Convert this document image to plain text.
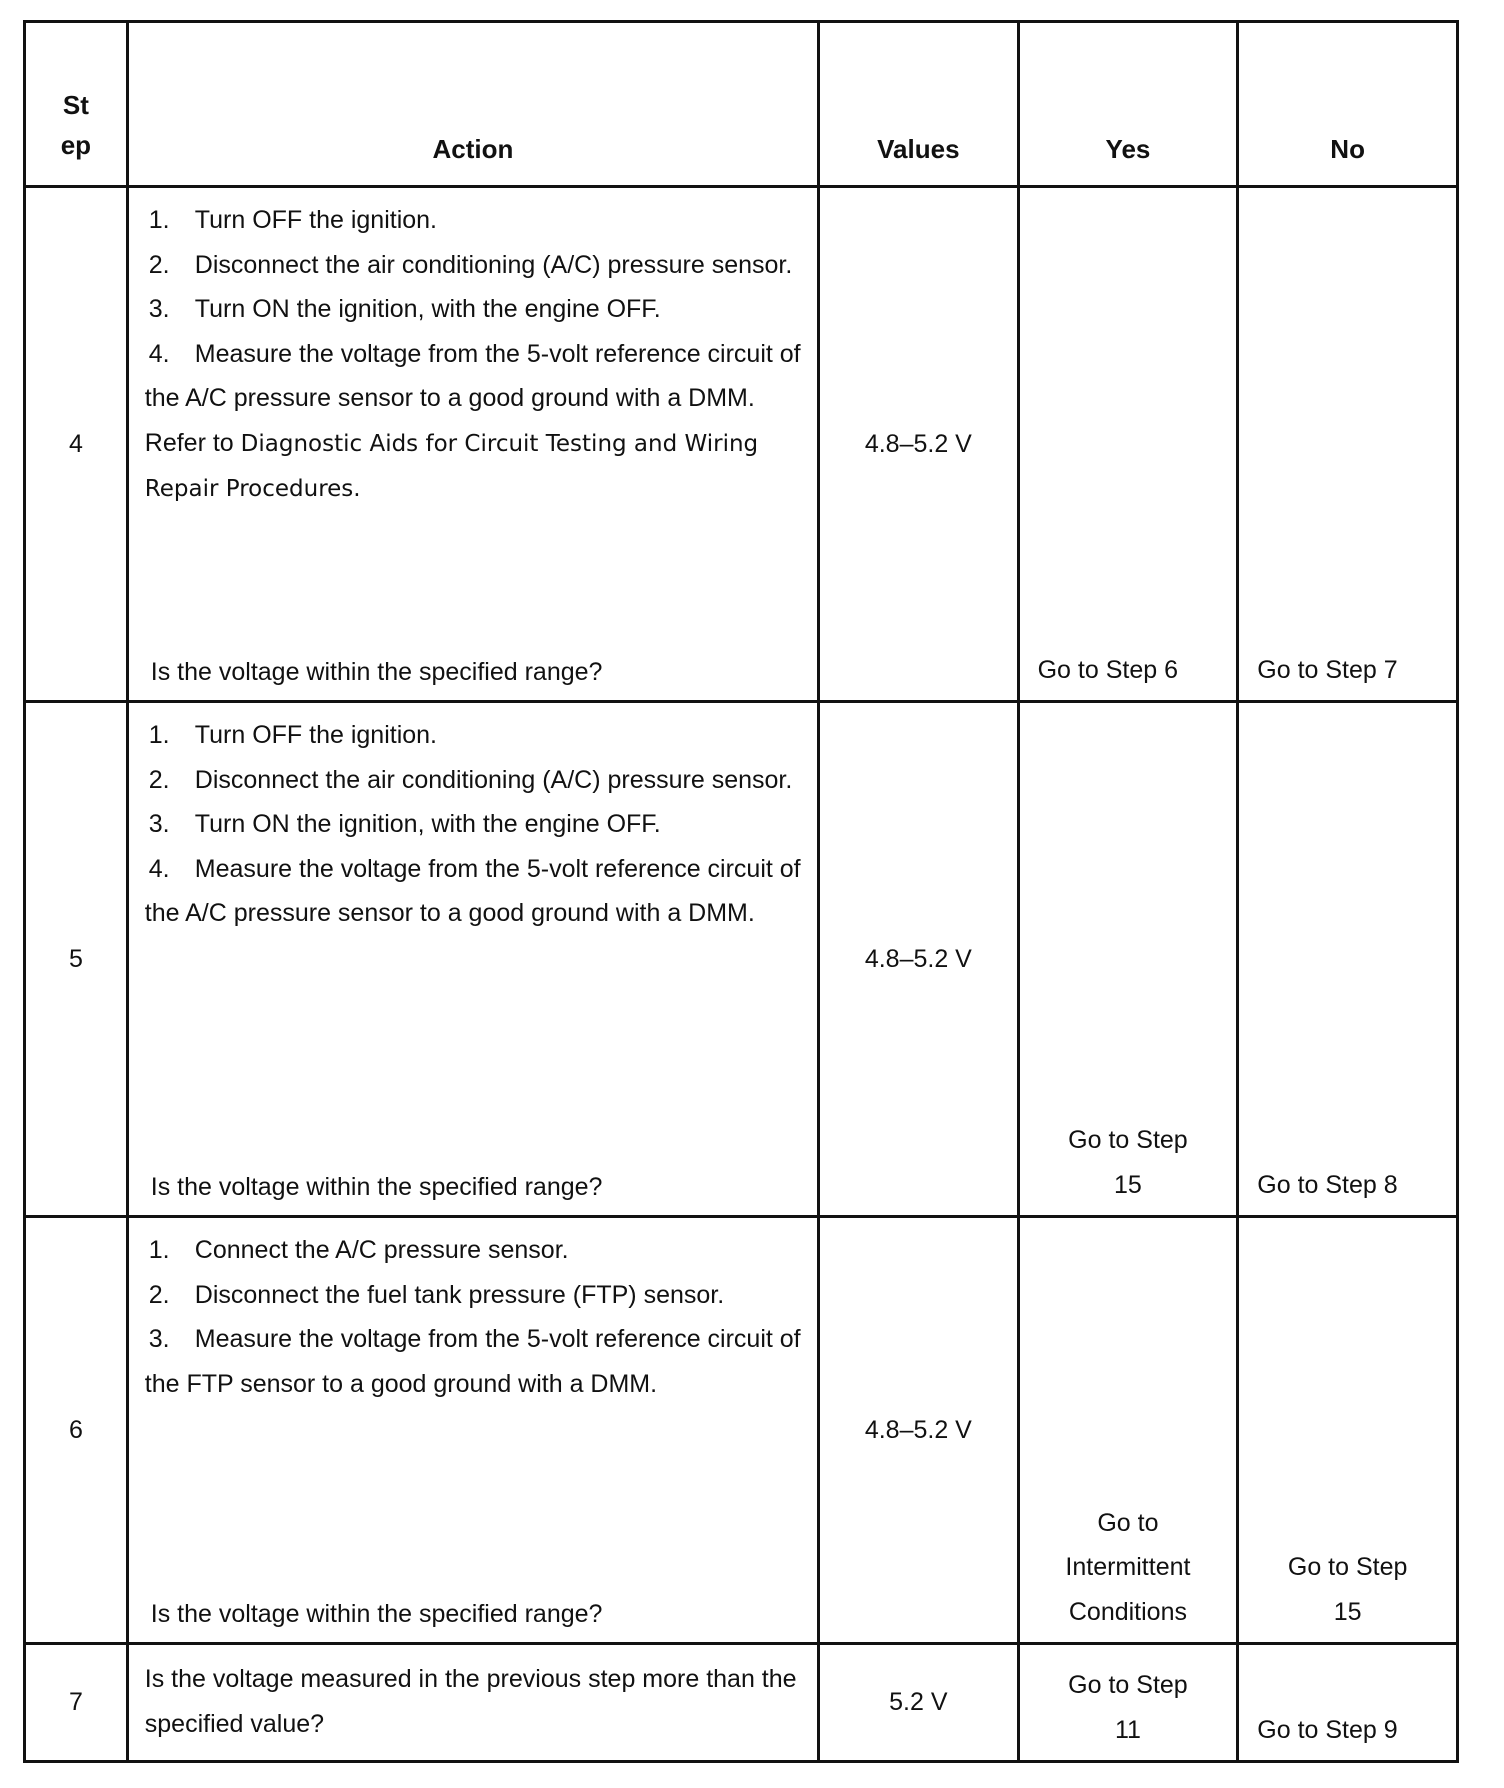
St ep	Action	Values	Yes	No
4	1. Turn OFF the ignition.
2. Disconnect the air conditioning (A/C) pressure sensor.
3. Turn ON the ignition, with the engine OFF.
4. Measure the voltage from the 5-volt reference circuit of the A/C pressure sensor to a good ground with a DMM. Refer to Diagnostic Aids for Circuit Testing and Wiring Repair Procedures.
Is the voltage within the specified range?	4.8–5.2 V	Go to Step 6	Go to Step 7
5	1. Turn OFF the ignition.
2. Disconnect the air conditioning (A/C) pressure sensor.
3. Turn ON the ignition, with the engine OFF.
4. Measure the voltage from the 5-volt reference circuit of the A/C pressure sensor to a good ground with a DMM.
Is the voltage within the specified range?	4.8–5.2 V	Go to Step 15	Go to Step 8
6	1. Connect the A/C pressure sensor.
2. Disconnect the fuel tank pressure (FTP) sensor.
3. Measure the voltage from the 5-volt reference circuit of the FTP sensor to a good ground with a DMM.
Is the voltage within the specified range?	4.8–5.2 V	Go to Intermittent Conditions	Go to Step 15

7	Is the voltage measured in the previous step more than the specified value?	5.2 V	Go to Step 11	Go to Step 9
